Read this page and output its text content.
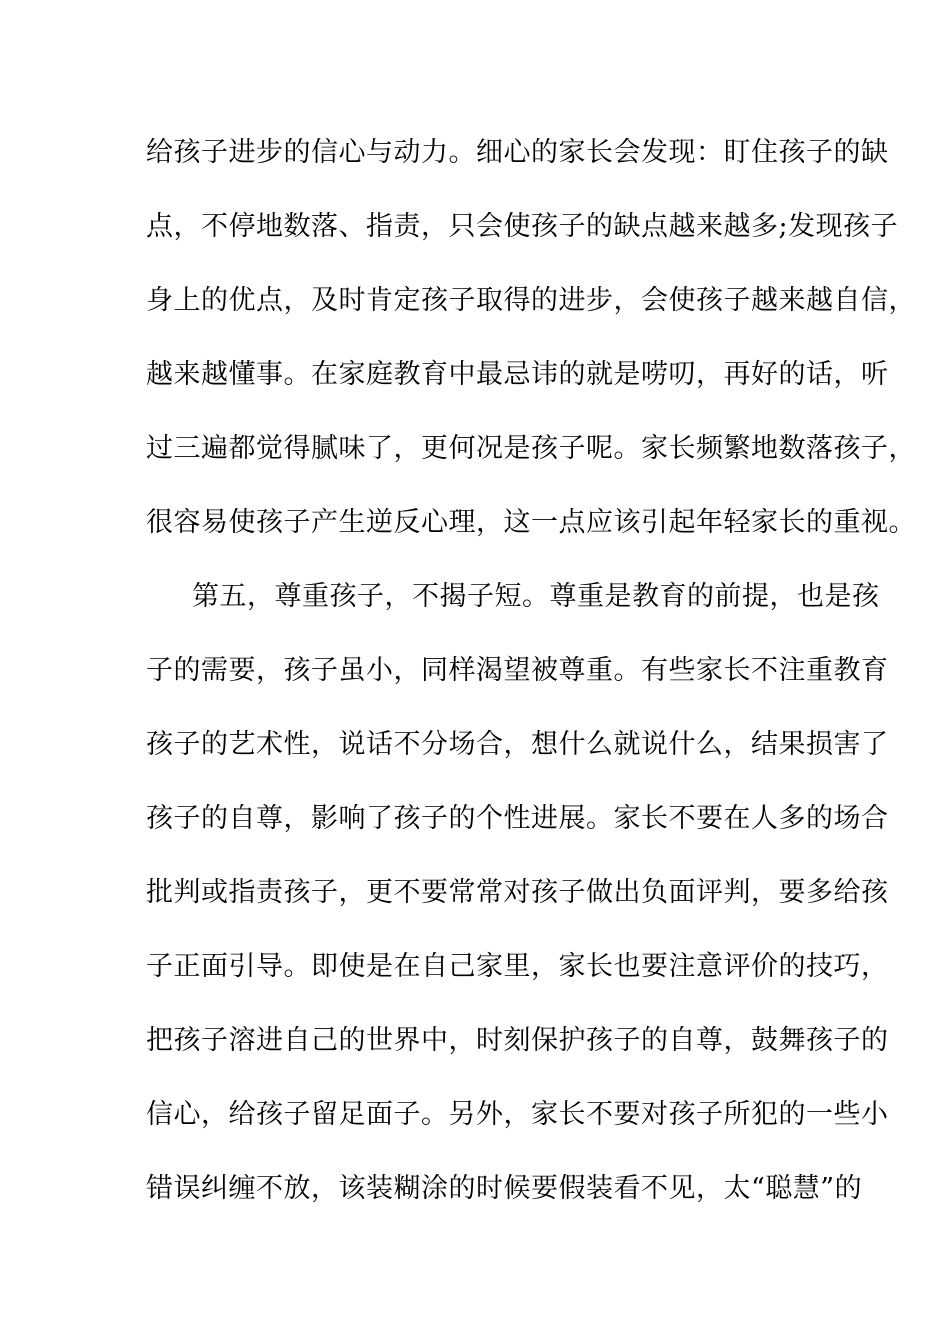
给孩子进步的信心与动力。细心的家长会发现：盯住孩子的缺
点，不停地数落、指责，只会使孩子的缺点越来越多;发现孩子
身上的优点，及时肯定孩子取得的进步，会使孩子越来越自信，
越来越懂事。在家庭教育中最忌讳的就是唠叨，再好的话，听
过三遍都觉得腻味了，更何况是孩子呢。家长频繁地数落孩子，
很容易使孩子产生逆反心理，这一点应该引起年轻家长的重视。
第五，尊重孩子，不揭子短。尊重是教育的前提，也是孩
子的需要，孩子虽小，同样渴望被尊重。有些家长不注重教育
孩子的艺术性，说话不分场合，想什么就说什么，结果损害了
孩子的自尊，影响了孩子的个性进展。家长不要在人多的场合
批判或指责孩子，更不要常常对孩子做出负面评判，要多给孩
子正面引导。即使是在自己家里，家长也要注意评价的技巧，
把孩子溶进自己的世界中，时刻保护孩子的自尊，鼓舞孩子的
信心，给孩子留足面子。另外，家长不要对孩子所犯的一些小
错误纠缠不放，该装糊涂的时候要假装看不见，太“聪慧”的
